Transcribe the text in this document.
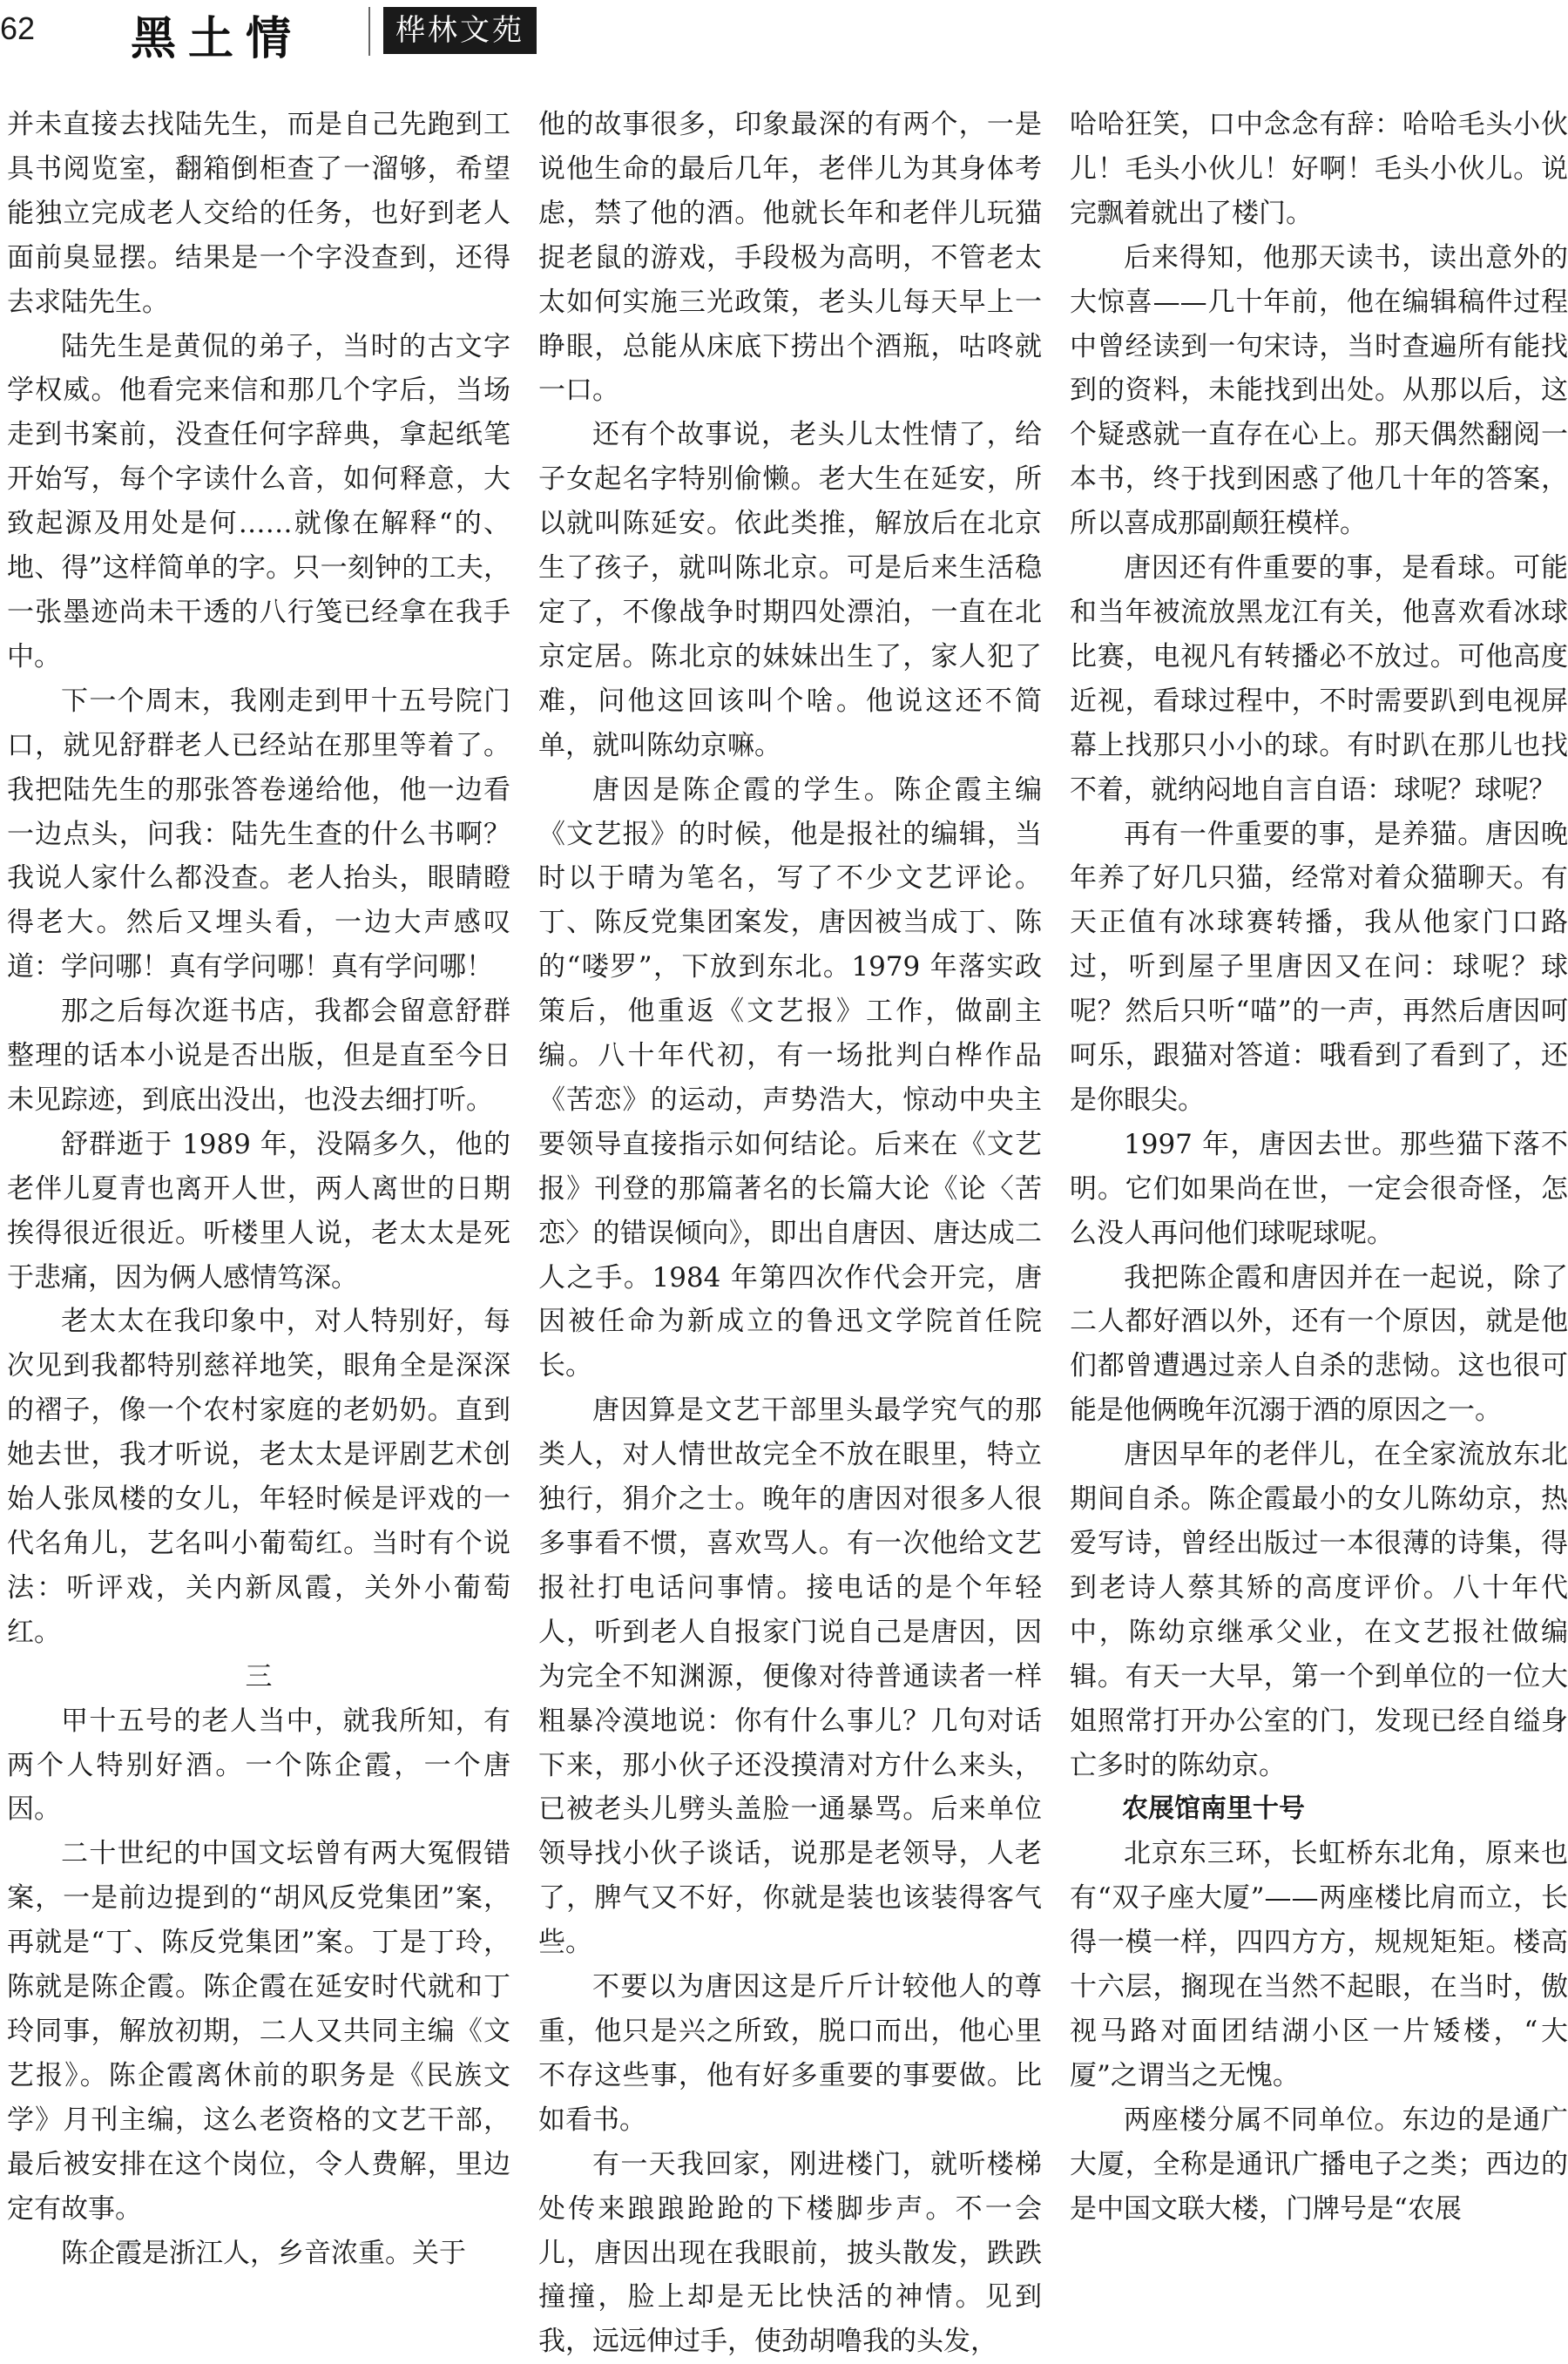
62 黑土情	桦林文苑

并未直接去找陆先生，而是自己先跑到工具书阅览室，翻箱倒柜查了一溜够，希望能独立完成老人交给的任务，也好到老人面前臭显摆。结果是一个字没查到，还得去求陆先生。

陆先生是黄侃的弟子，当时的古文字学权威。他看完来信和那几个字后，当场走到书案前，没查任何字辞典，拿起纸笔开始写，每个字读什么音，如何释意，大致起源及用处是何……就像在解释“的、地、得”这样简单的字。只一刻钟的工夫，一张墨迹尚未干透的八行笺已经拿在我手中。

下一个周末，我刚走到甲十五号院门口，就见舒群老人已经站在那里等着了。我把陆先生的那张答卷递给他，他一边看一边点头，问我：陆先生查的什么书啊？我说人家什么都没查。老人抬头，眼睛瞪得老大。然后又埋头看，一边大声感叹道：学问哪！真有学问哪！真有学问哪！

那之后每次逛书店，我都会留意舒群整理的话本小说是否出版，但是直至今日未见踪迹，到底出没出，也没去细打听。

舒群逝于 1989 年，没隔多久，他的老伴儿夏青也离开人世，两人离世的日期挨得很近很近。听楼里人说，老太太是死于悲痛，因为俩人感情笃深。

老太太在我印象中，对人特别好，每次见到我都特别慈祥地笑，眼角全是深深的褶子，像一个农村家庭的老奶奶。直到她去世，我才听说，老太太是评剧艺术创始人张凤楼的女儿，年轻时候是评戏的一代名角儿，艺名叫小葡萄红。当时有个说法：听评戏，关内新凤霞，关外小葡萄红。

三

甲十五号的老人当中，就我所知，有两个人特别好酒。一个陈企霞，一个唐因。

二十世纪的中国文坛曾有两大冤假错案，一是前边提到的“胡风反党集团”案，再就是“丁、陈反党集团”案。丁是丁玲，陈就是陈企霞。陈企霞在延安时代就和丁玲同事，解放初期，二人又共同主编《文艺报》。陈企霞离休前的职务是《民族文学》月刊主编，这么老资格的文艺干部，最后被安排在这个岗位，令人费解，里边定有故事。

陈企霞是浙江人，乡音浓重。关于

他的故事很多，印象最深的有两个，一是说他生命的最后几年，老伴儿为其身体考虑，禁了他的酒。他就长年和老伴儿玩猫捉老鼠的游戏，手段极为高明，不管老太太如何实施三光政策，老头儿每天早上一睁眼，总能从床底下捞出个酒瓶，咕咚就一口。

还有个故事说，老头儿太性情了，给子女起名字特别偷懒。老大生在延安，所以就叫陈延安。依此类推，解放后在北京生了孩子，就叫陈北京。可是后来生活稳定了，不像战争时期四处漂泊，一直在北京定居。陈北京的妹妹出生了，家人犯了难，问他这回该叫个啥。他说这还不简单，就叫陈幼京嘛。

唐因是陈企霞的学生。陈企霞主编《文艺报》的时候，他是报社的编辑，当时以于晴为笔名，写了不少文艺评论。丁、陈反党集团案发，唐因被当成丁、陈的“喽罗”，下放到东北。1979 年落实政策后，他重返《文艺报》工作，做副主编。八十年代初，有一场批判白桦作品《苦恋》的运动，声势浩大，惊动中央主要领导直接指示如何结论。后来在《文艺报》刊登的那篇著名的长篇大论《论〈苦恋〉的错误倾向》，即出自唐因、唐达成二人之手。1984 年第四次作代会开完，唐因被任命为新成立的鲁迅文学院首任院长。

唐因算是文艺干部里头最学究气的那类人，对人情世故完全不放在眼里，特立独行，狷介之士。晚年的唐因对很多人很多事看不惯，喜欢骂人。有一次他给文艺报社打电话问事情。接电话的是个年轻人，听到老人自报家门说自己是唐因，因为完全不知渊源，便像对待普通读者一样粗暴冷漠地说：你有什么事儿？几句对话下来，那小伙子还没摸清对方什么来头，已被老头儿劈头盖脸一通暴骂。后来单位领导找小伙子谈话，说那是老领导，人老了，脾气又不好，你就是装也该装得客气些。

不要以为唐因这是斤斤计较他人的尊重，他只是兴之所致，脱口而出，他心里不存这些事，他有好多重要的事要做。比如看书。

有一天我回家，刚进楼门，就听楼梯处传来踉踉跄跄的下楼脚步声。不一会儿，唐因出现在我眼前，披头散发，跌跌撞撞，脸上却是无比快活的神情。见到我，远远伸过手，使劲胡噜我的头发，

哈哈狂笑，口中念念有辞：哈哈毛头小伙儿！毛头小伙儿！好啊！毛头小伙儿。说完飘着就出了楼门。

后来得知，他那天读书，读出意外的大惊喜——几十年前，他在编辑稿件过程中曾经读到一句宋诗，当时查遍所有能找到的资料，未能找到出处。从那以后，这个疑惑就一直存在心上。那天偶然翻阅一本书，终于找到困惑了他几十年的答案，所以喜成那副颠狂模样。

唐因还有件重要的事，是看球。可能和当年被流放黑龙江有关，他喜欢看冰球比赛，电视凡有转播必不放过。可他高度近视，看球过程中，不时需要趴到电视屏幕上找那只小小的球。有时趴在那儿也找不着，就纳闷地自言自语：球呢？球呢？

再有一件重要的事，是养猫。唐因晚年养了好几只猫，经常对着众猫聊天。有天正值有冰球赛转播，我从他家门口路过，听到屋子里唐因又在问：球呢？球呢？然后只听“喵”的一声，再然后唐因呵呵乐，跟猫对答道：哦看到了看到了，还是你眼尖。

1997 年，唐因去世。那些猫下落不明。它们如果尚在世，一定会很奇怪，怎么没人再问他们球呢球呢。

我把陈企霞和唐因并在一起说，除了二人都好酒以外，还有一个原因，就是他们都曾遭遇过亲人自杀的悲恸。这也很可能是他俩晚年沉溺于酒的原因之一。

唐因早年的老伴儿，在全家流放东北期间自杀。陈企霞最小的女儿陈幼京，热爱写诗，曾经出版过一本很薄的诗集，得到老诗人蔡其矫的高度评价。八十年代中，陈幼京继承父业，在文艺报社做编辑。有天一大早，第一个到单位的一位大姐照常打开办公室的门，发现已经自缢身亡多时的陈幼京。

农展馆南里十号

北京东三环，长虹桥东北角，原来也有“双子座大厦”——两座楼比肩而立，长得一模一样，四四方方，规规矩矩。楼高十六层，搁现在当然不起眼，在当时，傲视马路对面团结湖小区一片矮楼，“大厦”之谓当之无愧。

两座楼分属不同单位。东边的是通广大厦，全称是通讯广播电子之类；西边的是中国文联大楼，门牌号是“农展
